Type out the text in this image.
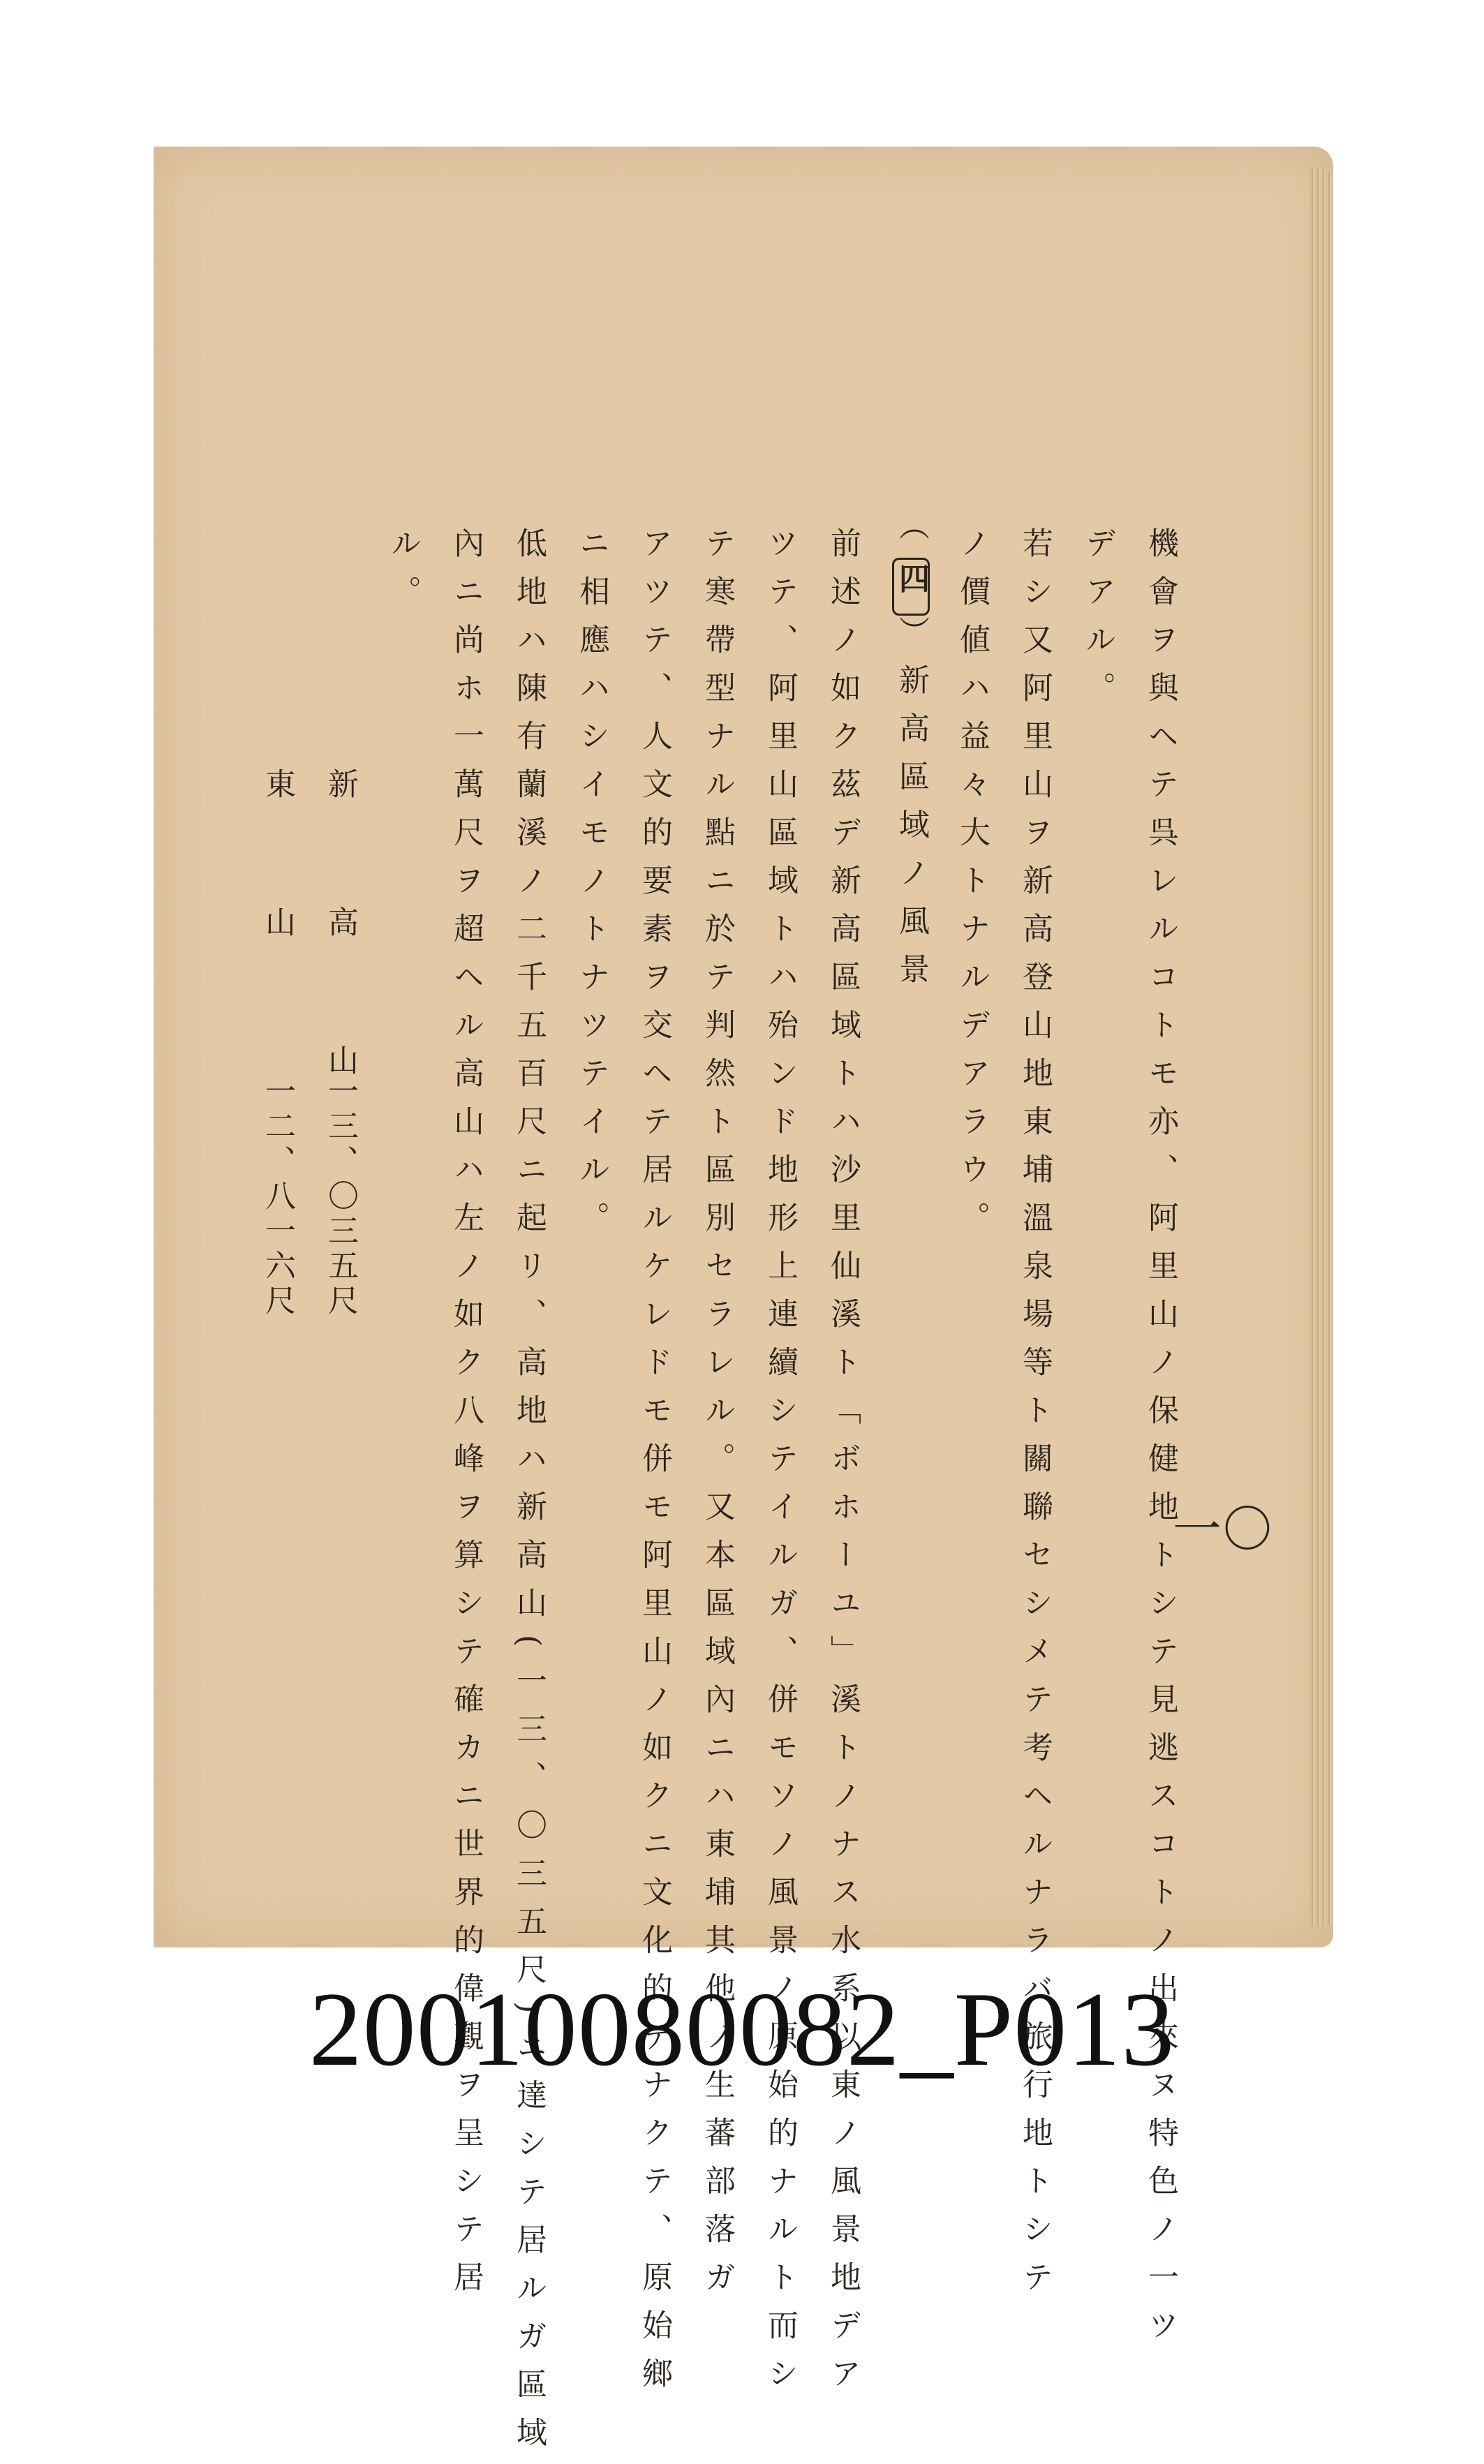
一〇
機會ヲ與ヘテ呉レルコトモ亦、阿里山ノ保健地トシテ見逃スコトノ出來ヌ特色ノ一ツ
デアル。
若シ又阿里山ヲ新高登山地東埔溫泉場等ト關聯セシメテ考ヘルナラバ旅行地トシテ
ノ價値ハ益々大トナルデアラウ。
（四）新高區域ノ風景
前述ノ如ク茲デ新高區域トハ沙里仙溪ト「ボホーユ」溪トノナス水系以東ノ風景地デア
ツテ、阿里山區域トハ殆ンド地形上連續シテイルガ、併モソノ風景ノ原始的ナルト而シ
テ寒帶型ナル點ニ於テ判然ト區別セラレル。又本區域內ニハ東埔其他ノ生蕃部落ガ
アツテ、人文的要素ヲ交ヘテ居ルケレドモ併モ阿里山ノ如クニ文化的デナクテ、原始鄉
ニ相應ハシイモノトナツテイル。
低地ハ陳有蘭溪ノ二千五百尺ニ起リ、高地ハ新高山(一三、〇三五尺)ニ達シテ居ルガ區域
內ニ尚ホ一萬尺ヲ超ヘル高山ハ左ノ如ク八峰ヲ算シテ確カニ世界的偉觀ヲ呈シテ居
ル。
新 高 山
一三、〇三五尺
東 山
一二、八一六尺
20010080082_P013
